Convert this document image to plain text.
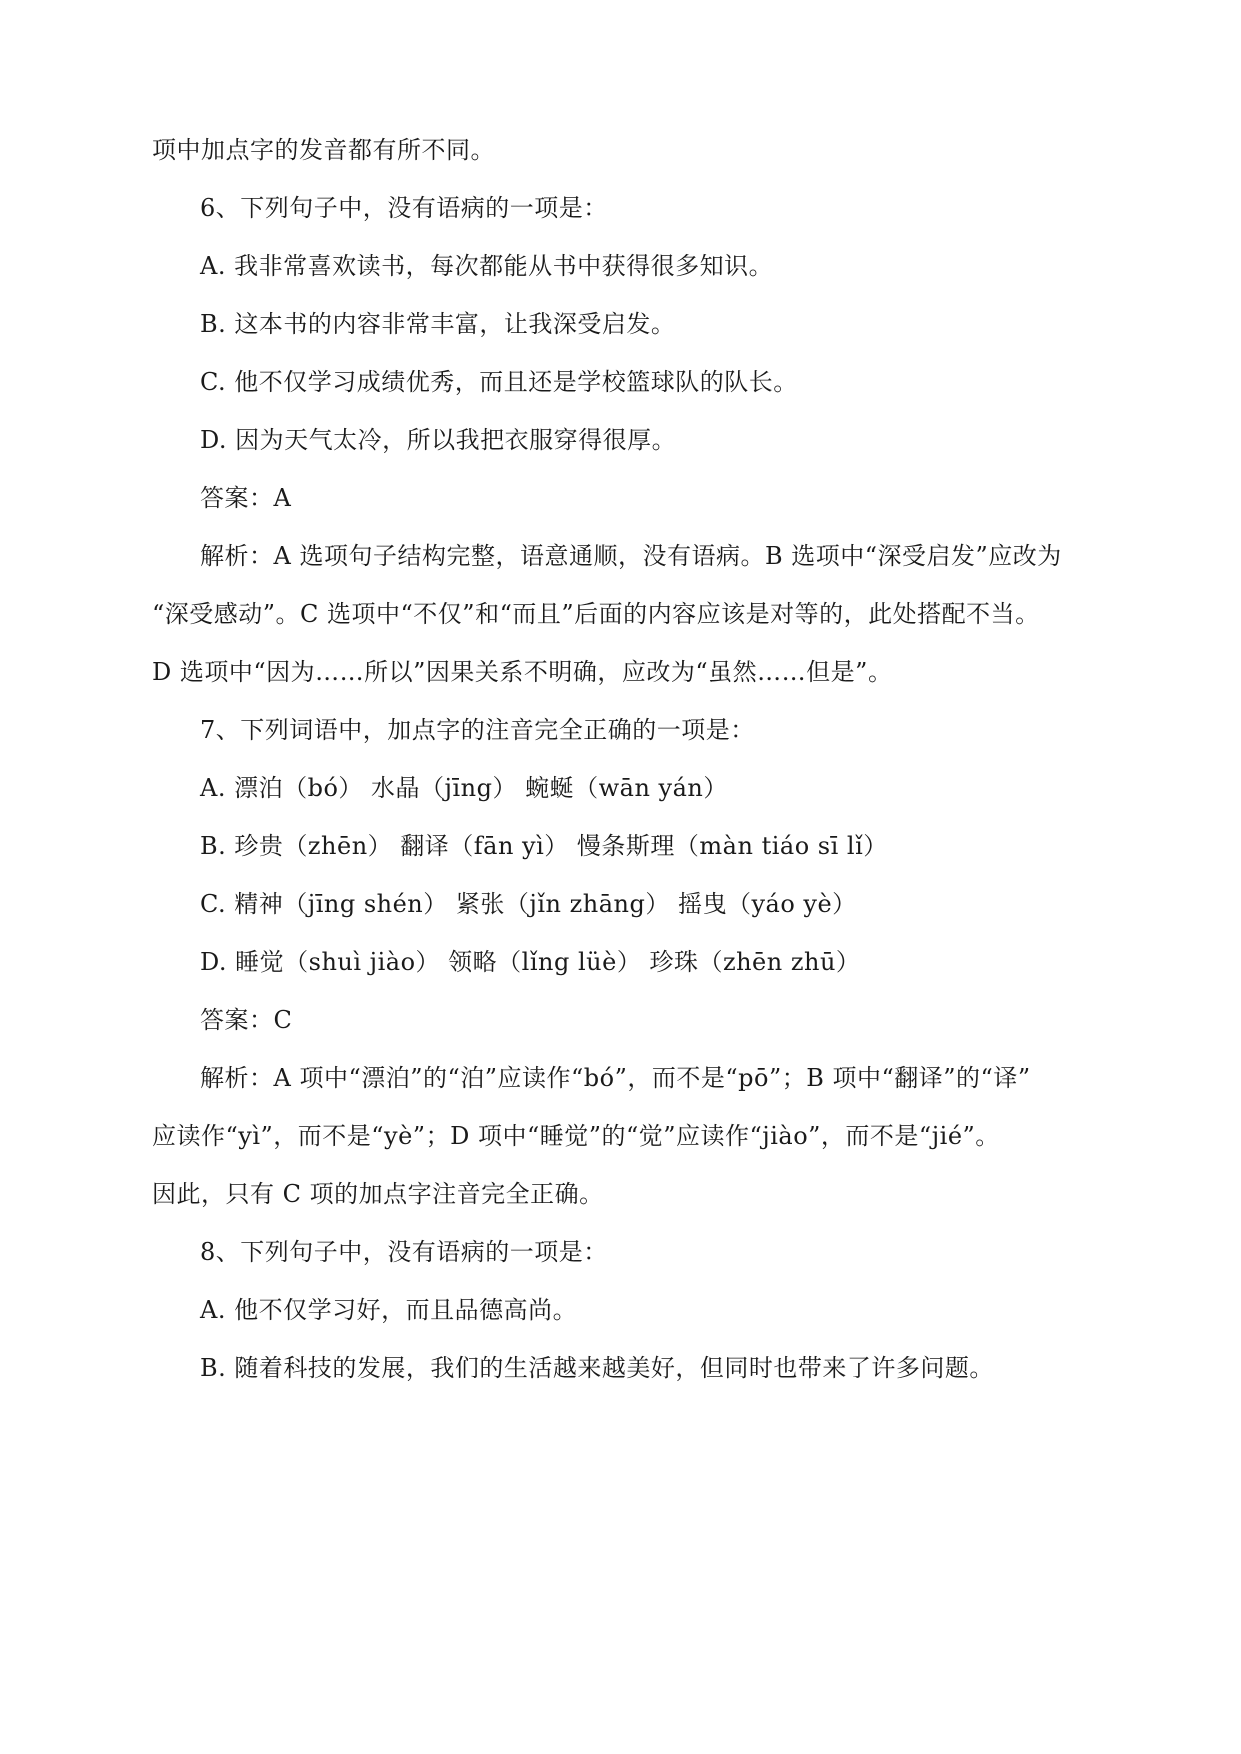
项中加点字的发音都有所不同。
6、下列句子中，没有语病的一项是：
A. 我非常喜欢读书，每次都能从书中获得很多知识。
B. 这本书的内容非常丰富，让我深受启发。
C. 他不仅学习成绩优秀，而且还是学校篮球队的队长。
D. 因为天气太冷，所以我把衣服穿得很厚。
答案：A
解析：A 选项句子结构完整，语意通顺，没有语病。B 选项中“深受启发”应改为
“深受感动”。C 选项中“不仅”和“而且”后面的内容应该是对等的，此处搭配不当。
D 选项中“因为……所以”因果关系不明确，应改为“虽然……但是”。
7、下列词语中，加点字的注音完全正确的一项是：
A. 漂泊（bó） 水晶（jīng） 蜿蜒（wān yán）
B. 珍贵（zhēn） 翻译（fān yì） 慢条斯理（màn tiáo sī lǐ）
C. 精神（jīng shén） 紧张（jǐn zhāng） 摇曳（yáo yè）
D. 睡觉（shuì jiào） 领略（lǐng lüè） 珍珠（zhēn zhū）
答案：C
解析：A 项中“漂泊”的“泊”应读作“bó”，而不是“pō”；B 项中“翻译”的“译”
应读作“yì”，而不是“yè”；D 项中“睡觉”的“觉”应读作“jiào”，而不是“jié”。
因此，只有 C 项的加点字注音完全正确。
8、下列句子中，没有语病的一项是：
A. 他不仅学习好，而且品德高尚。
B. 随着科技的发展，我们的生活越来越美好，但同时也带来了许多问题。
